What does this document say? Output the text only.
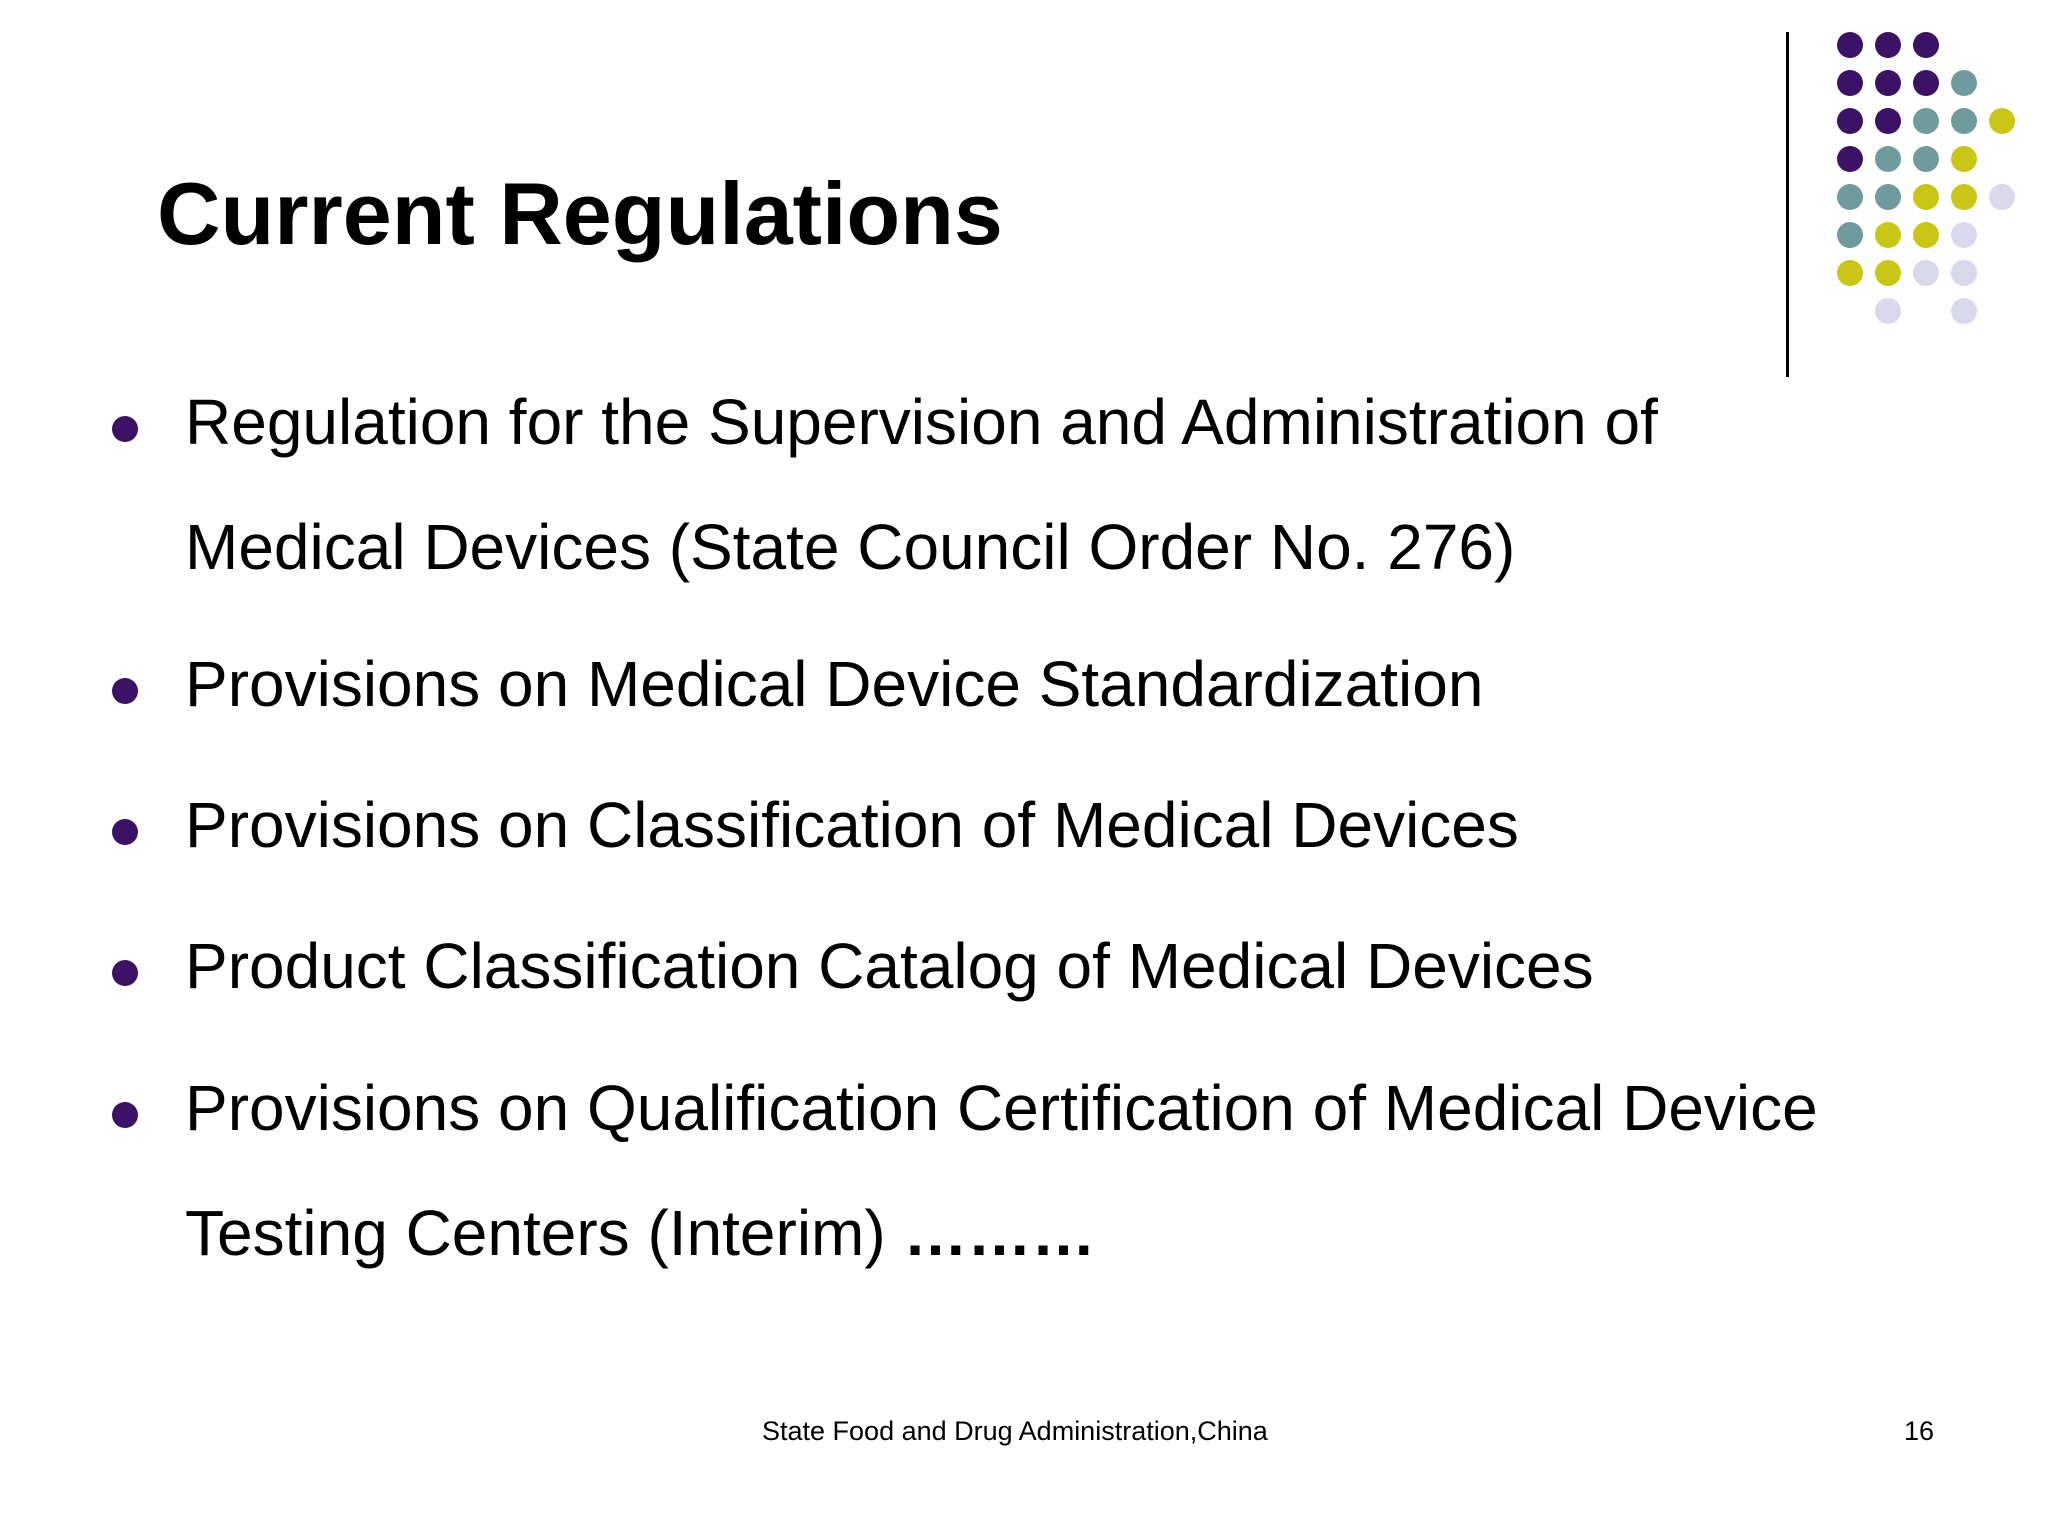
Current Regulations
Regulation for the Supervision and Administration of
Medical Devices (State Council Order No. 276)
Provisions on Medical Device Standardization
Provisions on Classification of Medical Devices
Product Classification Catalog of Medical Devices
Provisions on Qualification Certification of Medical Device
Testing Centers (Interim) ………
State Food and Drug Administration,China	16
